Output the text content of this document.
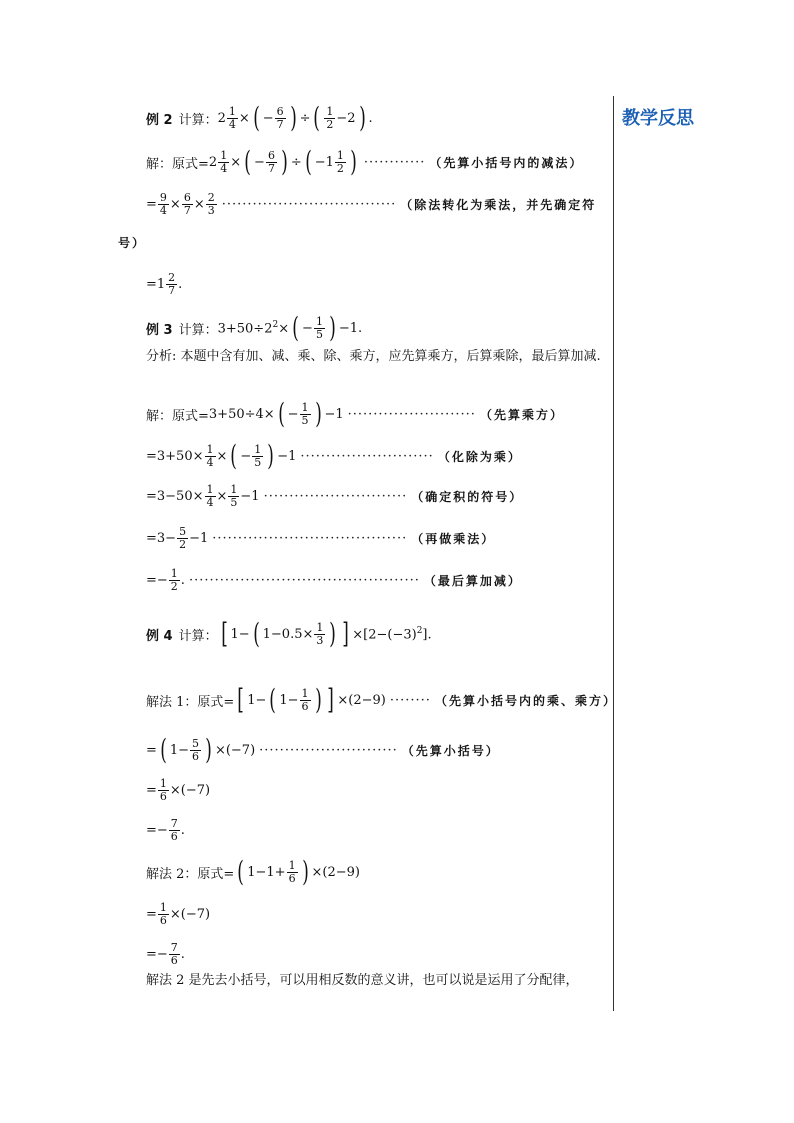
教学反思
例 2 计算： $2 \frac{1}{4}$ × ( − $\frac{6}{7}$ ) ÷ ( $\frac{1}{2} -2$ ) .
解：原式= $2 \frac{1}{4}$ × ( − $\frac{6}{7}$ ) ÷ ( $-1 \frac{1}{2}$ ) ············ （先算小括号内的减法）
= $\frac{9}{4} \times \frac{6}{7} \times \frac{2}{3}$ ·································· （除法转化为乘法，并先确定符
号）
$=1 \frac{2}{7}$ .
例 3 计算： $3+50\div 2^2\times$ ( − $\frac{1}{5}$ ) −1.
分析: 本题中含有加、减、乘、除、乘方，应先算乘方，后算乘除，最后算加减.
解：原式= 3+50÷4× ( − $\frac{1}{5}$ ) −1 ························· （先算乘方）
$=3+50\times \frac{1}{4}$ × ( − $\frac{1}{5}$ ) −1 ·························· （化除为乘）
$=3-50\times \frac{1}{4} \times \frac{1}{5} -1$ ···························· （确定积的符号）
$=3- \frac{5}{2} -1$ ······································ （再做乘法）
=− $\frac{1}{2}$ . ············································· （最后算加减）
例 4 计算： [ 1− ( $1-0.5\times \frac{1}{3}$ ) ] $\times[2-(-3)^2]$.
解法 1：原式= [ 1− ( $1- \frac{1}{6}$ ) ] ×(2−9) ········ （先算小括号内的乘、乘方）
= ( $1- \frac{5}{6}$ ) ×(−7) ··························· （先算小括号）
= $\frac{1}{6} \times(-7)$
=− $\frac{7}{6}$ .
解法 2：原式= ( $1-1+ \frac{1}{6}$ ) ×(2−9)
= $\frac{1}{6} \times(-7)$
=− $\frac{7}{6}$ .
解法 2 是先去小括号，可以用相反数的意义讲，也可以说是运用了分配律，
